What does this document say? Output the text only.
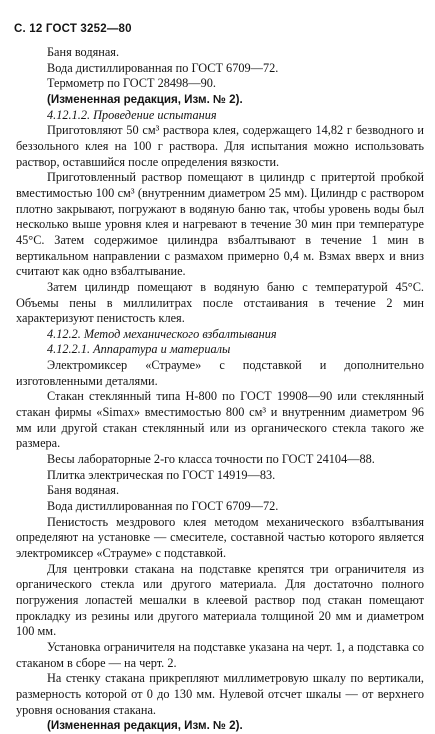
С. 12 ГОСТ 3252—80

Баня водяная.

Вода дистиллированная по ГОСТ 6709—72.

Термометр по ГОСТ 28498—90.

(Измененная редакция, Изм. № 2).

4.12.1.2. Проведение испытания

Приготовляют 50 см³ раствора клея, содержащего 14,82 г безводного и беззольного клея на 100 г раствора. Для испытания можно использовать раствор, оставшийся после определения вязкости.

Приготовленный раствор помещают в цилиндр с притертой пробкой вместимостью 100 см³ (внутренним диаметром 25 мм). Цилиндр с раствором плотно закрывают, погружают в водяную баню так, чтобы уровень воды был несколько выше уровня клея и нагревают в течение 30 мин при температуре 45°С. Затем содержимое цилиндра взбалтывают в течение 1 мин в вертикальном направлении с размахом примерно 0,4 м. Взмах вверх и вниз считают как одно взбалтывание.

Затем цилиндр помещают в водяную баню с температурой 45°С. Объемы пены в миллилитрах после отстаивания в течение 2 мин характеризуют пенистость клея.

4.12.2. Метод механического взбалтывания

4.12.2.1. Аппаратура и материалы

Электромиксер «Страуме» с подставкой и дополнительно изготовленными деталями.

Стакан стеклянный типа Н-800 по ГОСТ 19908—90 или стеклянный стакан фирмы «Simax» вместимостью 800 см³ и внутренним диаметром 96 мм или другой стакан стеклянный или из органического стекла такого же размера.

Весы лабораторные 2-го класса точности по ГОСТ 24104—88.

Плитка электрическая по ГОСТ 14919—83.

Баня водяная.

Вода дистиллированная по ГОСТ 6709—72.

Пенистость мездрового клея методом механического взбалтывания определяют на установке — смесителе, составной частью которого является электромиксер «Страуме» с подставкой.

Для центровки стакана на подставке крепятся три ограничителя из органического стекла или другого материала. Для достаточно полного погружения лопастей мешалки в клеевой раствор под стакан помещают прокладку из резины или другого материала толщиной 20 мм и диаметром 100 мм.

Установка ограничителя на подставке указана на черт. 1, а подставка со стаканом в сборе — на черт. 2.

На стенку стакана прикрепляют миллиметровую шкалу по вертикали, размерность которой от 0 до 130 мм. Нулевой отсчет шкалы — от верхнего уровня основания стакана.

(Измененная редакция, Изм. № 2).
